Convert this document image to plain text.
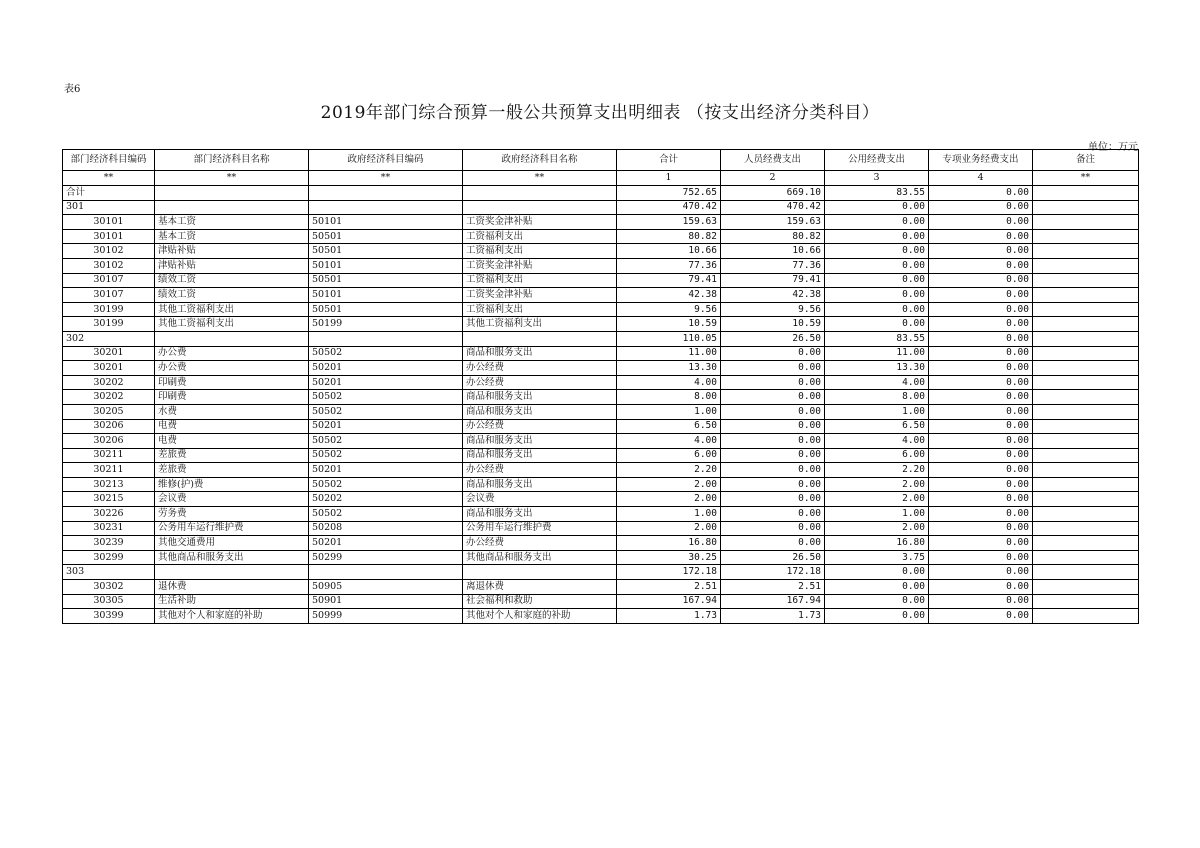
表6
2019年部门综合预算一般公共预算支出明细表 （按支出经济分类科目）
单位：万元
部门经济科目编码	部门经济科目名称	政府经济科目编码	政府经济科目名称	合计	人员经费支出	公用经费支出	专项业务经费支出	备注
**	**	**	**	1	2	3	4	**
合计				752.65	669.10	83.55	0.00	
301				470.42	470.42	0.00	0.00	
30101	基本工资	50101	工资奖金津补贴	159.63	159.63	0.00	0.00	
30101	基本工资	50501	工资福利支出	80.82	80.82	0.00	0.00	
30102	津贴补贴	50501	工资福利支出	10.66	10.66	0.00	0.00	
30102	津贴补贴	50101	工资奖金津补贴	77.36	77.36	0.00	0.00	
30107	绩效工资	50501	工资福利支出	79.41	79.41	0.00	0.00	
30107	绩效工资	50101	工资奖金津补贴	42.38	42.38	0.00	0.00	
30199	其他工资福利支出	50501	工资福利支出	9.56	9.56	0.00	0.00	
30199	其他工资福利支出	50199	其他工资福利支出	10.59	10.59	0.00	0.00	
302				110.05	26.50	83.55	0.00	
30201	办公费	50502	商品和服务支出	11.00	0.00	11.00	0.00	
30201	办公费	50201	办公经费	13.30	0.00	13.30	0.00	
30202	印刷费	50201	办公经费	4.00	0.00	4.00	0.00	
30202	印刷费	50502	商品和服务支出	8.00	0.00	8.00	0.00	
30205	水费	50502	商品和服务支出	1.00	0.00	1.00	0.00	
30206	电费	50201	办公经费	6.50	0.00	6.50	0.00	
30206	电费	50502	商品和服务支出	4.00	0.00	4.00	0.00	
30211	差旅费	50502	商品和服务支出	6.00	0.00	6.00	0.00	
30211	差旅费	50201	办公经费	2.20	0.00	2.20	0.00	
30213	维修(护)费	50502	商品和服务支出	2.00	0.00	2.00	0.00	
30215	会议费	50202	会议费	2.00	0.00	2.00	0.00	
30226	劳务费	50502	商品和服务支出	1.00	0.00	1.00	0.00	
30231	公务用车运行维护费	50208	公务用车运行维护费	2.00	0.00	2.00	0.00	
30239	其他交通费用	50201	办公经费	16.80	0.00	16.80	0.00	
30299	其他商品和服务支出	50299	其他商品和服务支出	30.25	26.50	3.75	0.00	
303				172.18	172.18	0.00	0.00	
30302	退休费	50905	离退休费	2.51	2.51	0.00	0.00	
30305	生活补助	50901	社会福利和救助	167.94	167.94	0.00	0.00	
30399	其他对个人和家庭的补助	50999	其他对个人和家庭的补助	1.73	1.73	0.00	0.00	
